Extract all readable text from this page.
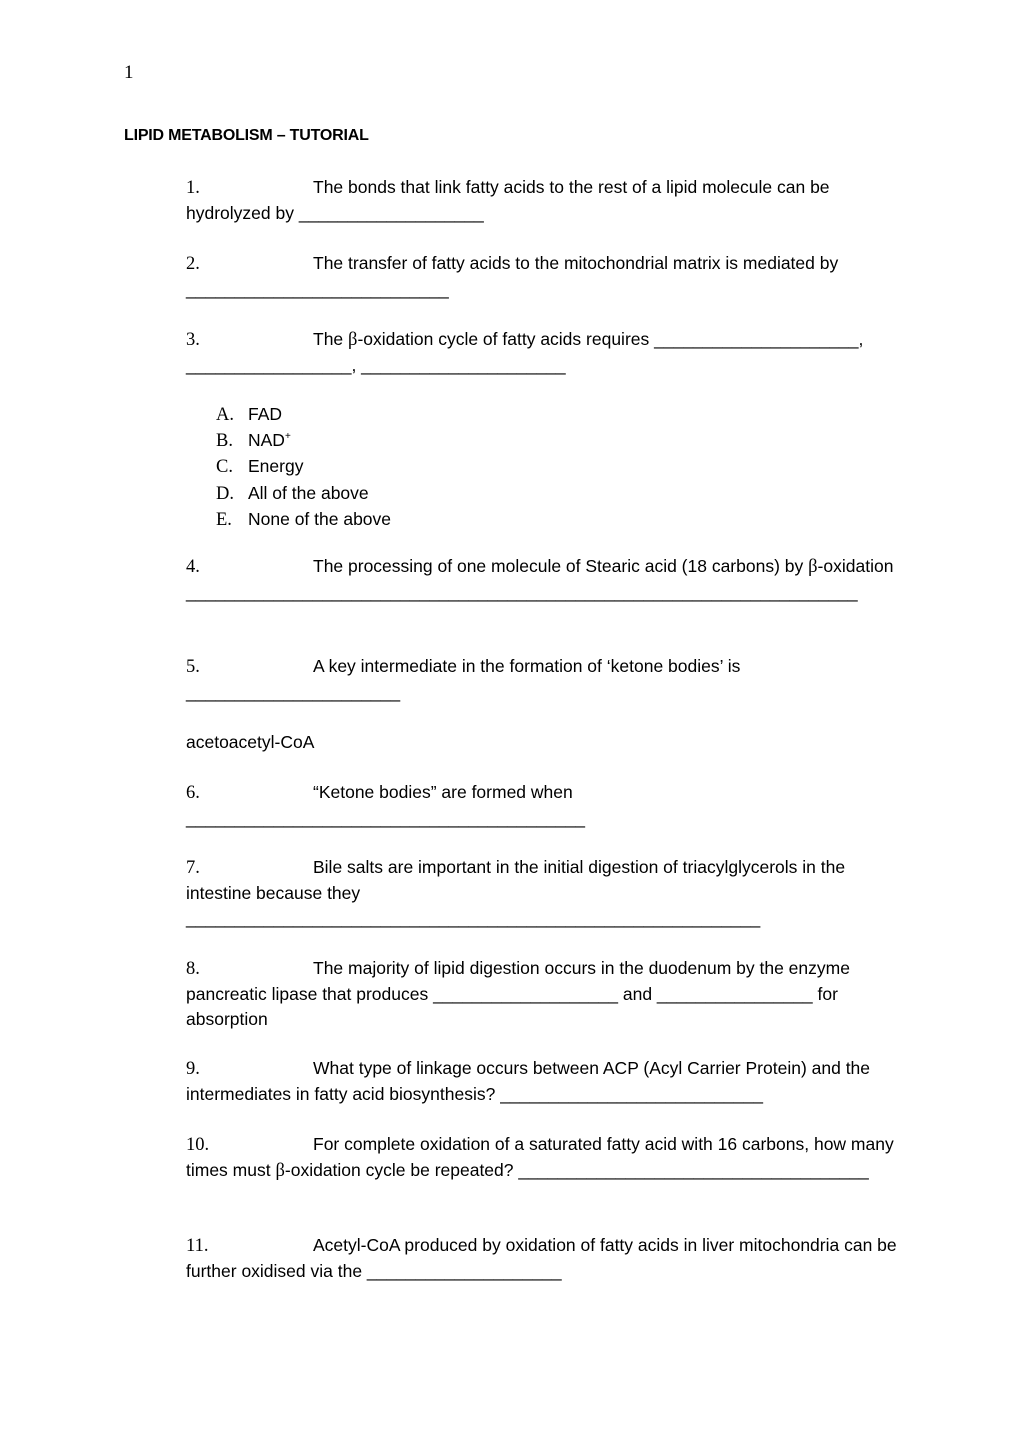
1
LIPID METABOLISM – TUTORIAL
1.	The bonds that link fatty acids to the rest of a lipid molecule can be hydrolyzed by ___________________
2.	The transfer of fatty acids to the mitochondrial matrix is mediated by ___________________________
3.	The β-oxidation cycle of fatty acids requires _____________________, _________________, _____________________
A. FAD
B. NAD+
C. Energy
D. All of the above
E. None of the above
4.	The processing of one molecule of Stearic acid (18 carbons) by β-oxidation _____________________________________________________________________
5.	A key intermediate in the formation of ‘ketone bodies’ is ______________________
acetoacetyl-CoA
6.	“Ketone bodies” are formed when _________________________________________
7.	Bile salts are important in the initial digestion of triacylglycerols in the intestine because they ___________________________________________________________
8.	The majority of lipid digestion occurs in the duodenum by the enzyme pancreatic lipase that produces ___________________ and ________________ for absorption
9.	What type of linkage occurs between ACP (Acyl Carrier Protein) and the intermediates in fatty acid biosynthesis? ___________________________
10.	For complete oxidation of a saturated fatty acid with 16 carbons, how many times must β-oxidation cycle be repeated? ____________________________________
11.	Acetyl-CoA produced by oxidation of fatty acids in liver mitochondria can be further oxidised via the ____________________
